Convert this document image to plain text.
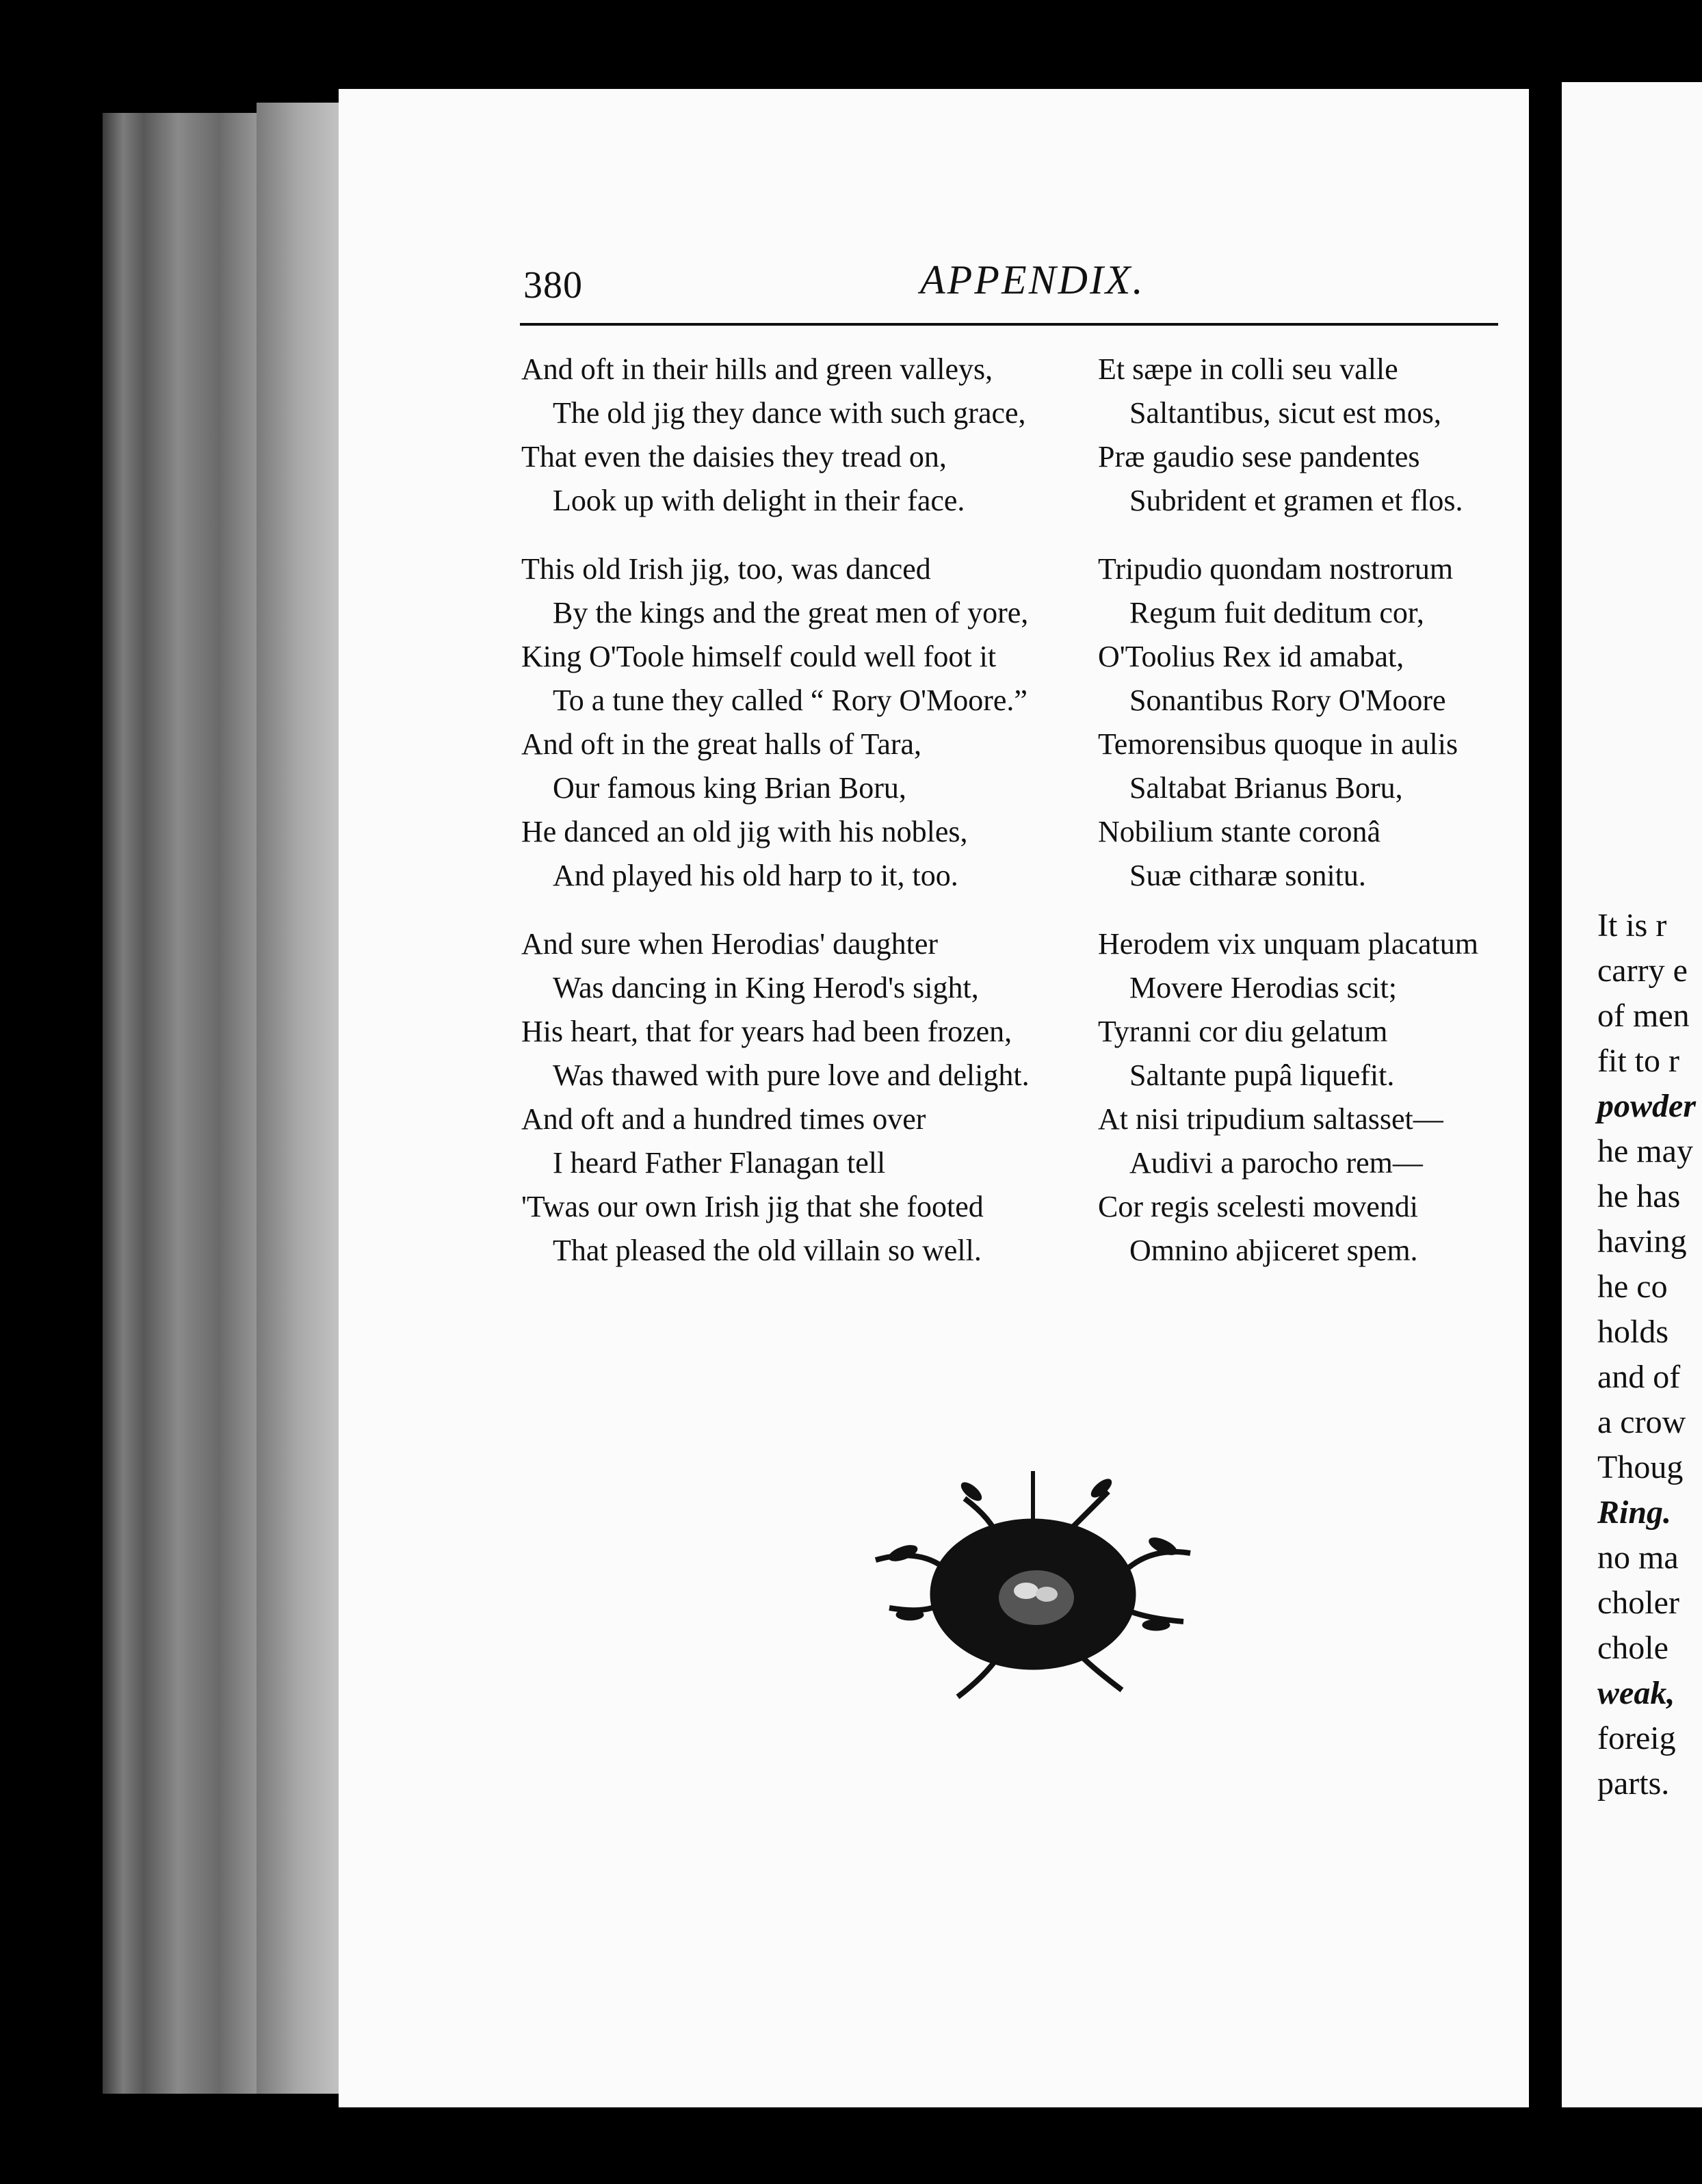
380	APPENDIX.
And oft in their hills and green valleys,
The old jig they dance with such grace,
That even the daisies they tread on,
Look up with delight in their face.
This old Irish jig, too, was danced
By the kings and the great men of yore,
King O'Toole himself could well foot it
To a tune they called “ Rory O'Moore.”
And oft in the great halls of Tara,
Our famous king Brian Boru,
He danced an old jig with his nobles,
And played his old harp to it, too.
And sure when Herodias' daughter
Was dancing in King Herod's sight,
His heart, that for years had been frozen,
Was thawed with pure love and delight.
And oft and a hundred times over
I heard Father Flanagan tell
'Twas our own Irish jig that she footed
That pleased the old villain so well.
Et sæpe in colli seu valle
Saltantibus, sicut est mos,
Præ gaudio sese pandentes
Subrident et gramen et flos.
Tripudio quondam nostrorum
Regum fuit deditum cor,
O'Toolius Rex id amabat,
Sonantibus Rory O'Moore
Temorensibus quoque in aulis
Saltabat Brianus Boru,
Nobilium stante coronâ
Suæ citharæ sonitu.
Herodem vix unquam placatum
Movere Herodias scit;
Tyranni cor diu gelatum
Saltante pupâ liquefit.
At nisi tripudium saltasset—
Audivi a parocho rem—
Cor regis scelesti movendi
Omnino abjiceret spem.
It is r
carry e
of men
fit to r
powder
he may
he has
having
he co
holds
and of
a crow
Thoug
Ring.
no ma
choler
chole
weak,
foreig
parts.
